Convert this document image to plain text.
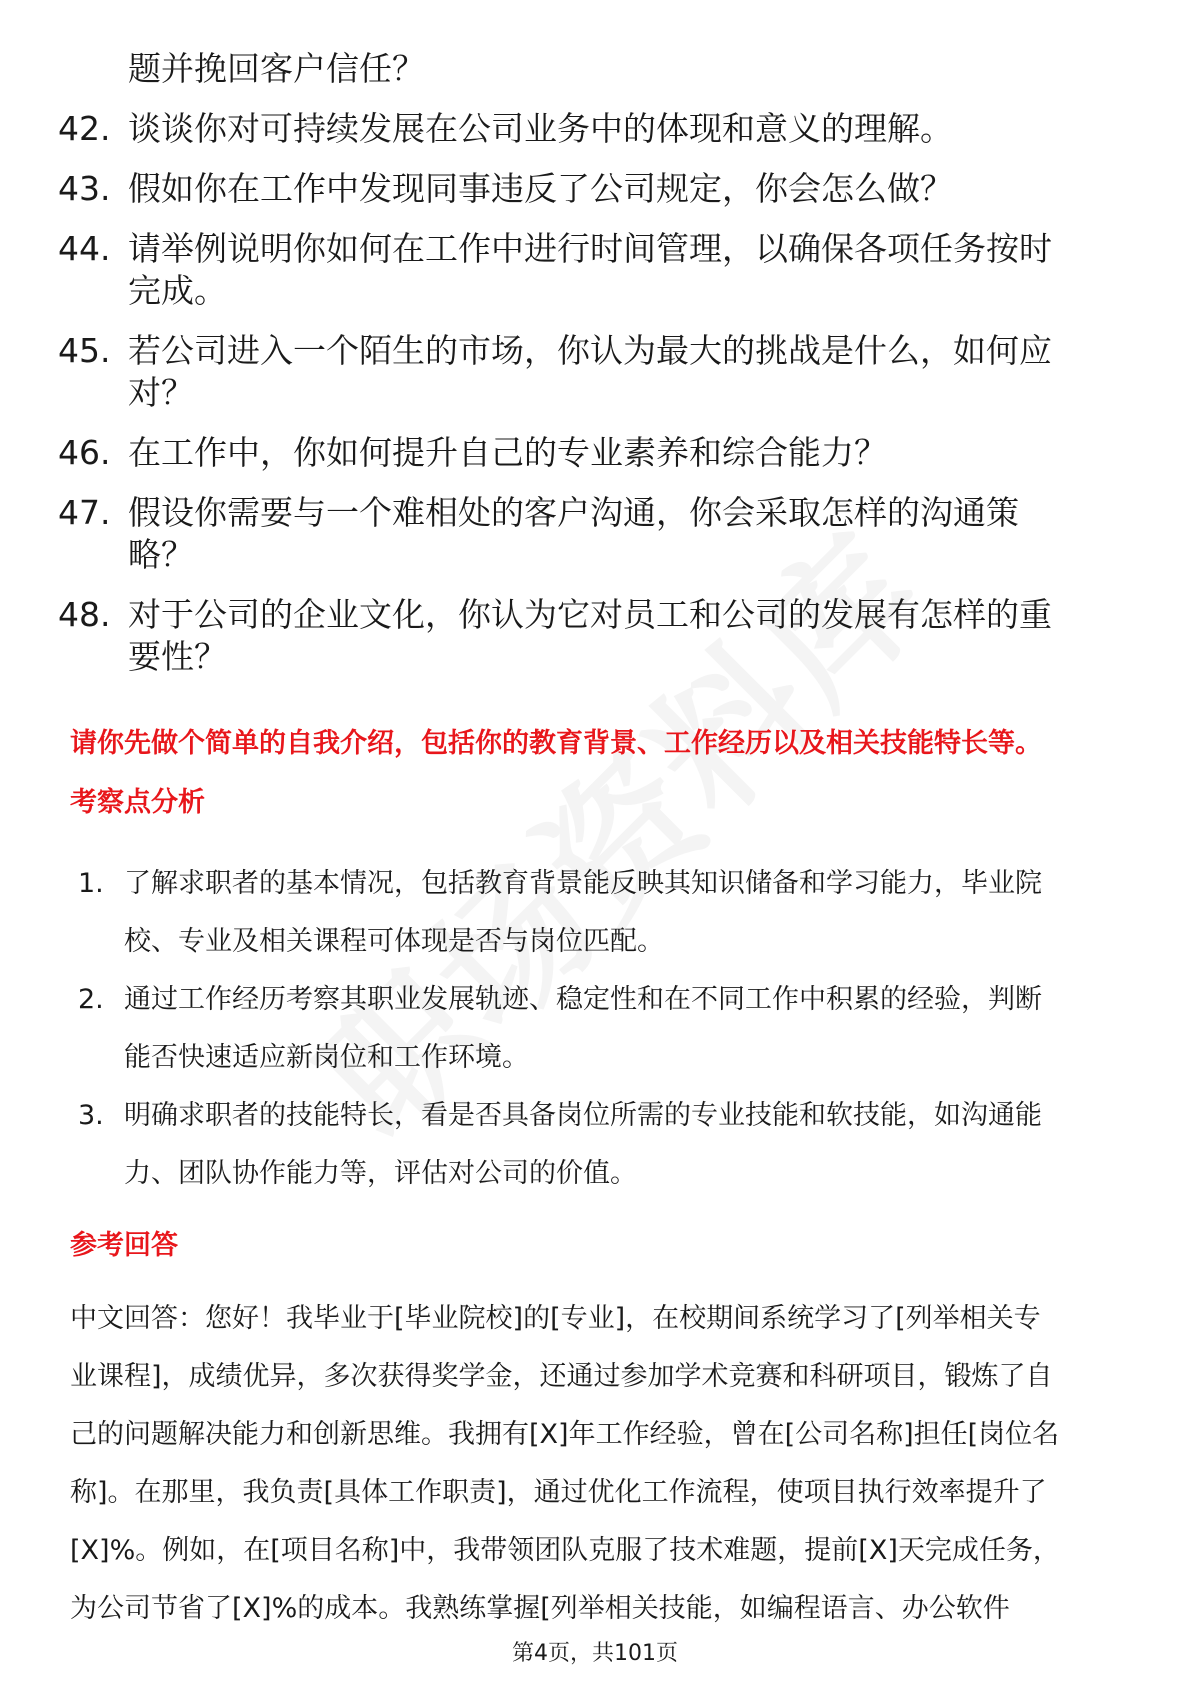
题并挽回客户信任？
42. 谈谈你对可持续发展在公司业务中的体现和意义的理解。
43. 假如你在工作中发现同事违反了公司规定，你会怎么做？
44. 请举例说明你如何在工作中进行时间管理，以确保各项任务按时
完成。
45. 若公司进入一个陌生的市场，你认为最大的挑战是什么，如何应
对？
46. 在工作中，你如何提升自己的专业素养和综合能力？
47. 假设你需要与一个难相处的客户沟通，你会采取怎样的沟通策
略？
48. 对于公司的企业文化，你认为它对员工和公司的发展有怎样的重
要性？
请你先做个简单的自我介绍，包括你的教育背景、工作经历以及相关技能特长等。
考察点分析
1. 了解求职者的基本情况，包括教育背景能反映其知识储备和学习能力，毕业院
校、专业及相关课程可体现是否与岗位匹配。
2. 通过工作经历考察其职业发展轨迹、稳定性和在不同工作中积累的经验，判断
能否快速适应新岗位和工作环境。
3. 明确求职者的技能特长，看是否具备岗位所需的专业技能和软技能，如沟通能
力、团队协作能力等，评估对公司的价值。
参考回答
中文回答：您好！我毕业于[毕业院校]的[专业]，在校期间系统学习了[列举相关专
业课程]，成绩优异，多次获得奖学金，还通过参加学术竞赛和科研项目，锻炼了自
己的问题解决能力和创新思维。我拥有[X]年工作经验，曾在[公司名称]担任[岗位名
称]。在那里，我负责[具体工作职责]，通过优化工作流程，使项目执行效率提升了
[X]%。例如，在[项目名称]中，我带领团队克服了技术难题，提前[X]天完成任务，
为公司节省了[X]%的成本。我熟练掌握[列举相关技能，如编程语言、办公软件
第4页，共101页
